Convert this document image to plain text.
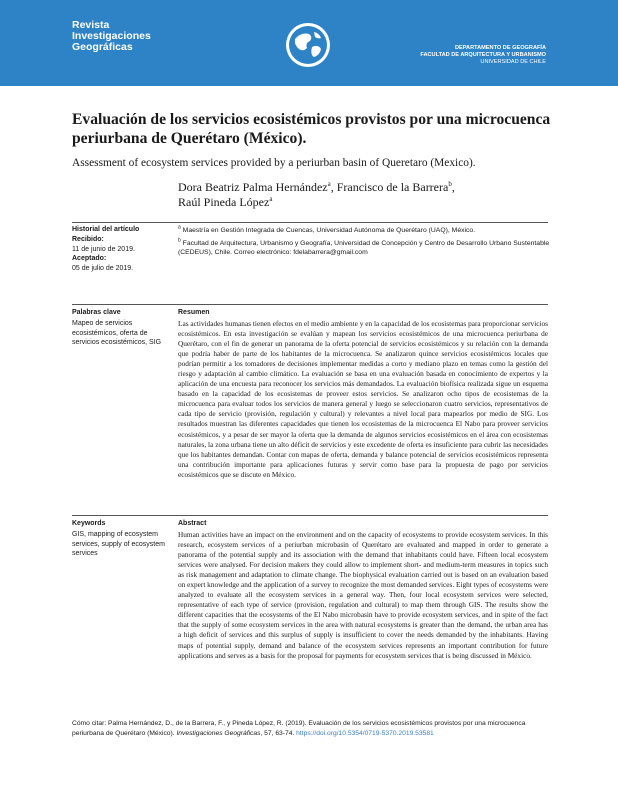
Revista
Investigaciones
Geográficas	DEPARTAMENTO DE GEOGRAFÍA
FACULTAD DE ARQUITECTURA Y URBANISMO
UNIVERSIDAD DE CHILE
Evaluación de los servicios ecosistémicos provistos por una microcuenca periurbana de Querétaro (México).
Assessment of ecosystem services provided by a periurban basin of Queretaro (Mexico).
Dora Beatriz Palma Hernández$^a$, Francisco de la Barrera$^b$,
Raúl Pineda López$^a$
Historial del artículo
Recibido:
11 de junio de 2019.
Aceptado:
05 de julio de 2019.
$^a$ Maestría en Gestión Integrada de Cuencas, Universidad Autónoma de Querétaro (UAQ), México.
$^b$ Facultad de Arquitectura, Urbanismo y Geografía, Universidad de Concepción y Centro de Desarrollo Urbano Sustentable (CEDEUS), Chile. Correo electrónico: fdelabarrera@gmail.com
Palabras clave
Mapeo de servicios ecosistémicos, oferta de servicios ecosistémicos, SIG
Resumen
Las actividades humanas tienen efectos en el medio ambiente y en la capacidad de los ecosistemas para proporcionar servicios ecosistémicos. En esta investigación se evalúan y mapean los servicios ecosistémicos de una microcuenca periurbana de Querétaro, con el fin de generar un panorama de la oferta potencial de servicios ecosistémicos y su relación con la demanda que podría haber de parte de los habitantes de la microcuenca. Se analizaron quince servicios ecosistémicos locales que podrían permitir a los tomadores de decisiones implementar medidas a corto y mediano plazo en temas como la gestión del riesgo y adaptación al cambio climático. La evaluación se basa en una evaluación basada en conocimiento de expertos y la aplicación de una encuesta para reconocer los servicios más demandados. La evaluación biofísica realizada sigue un esquema basado en la capacidad de los ecosistemas de proveer estos servicios. Se analizaron ocho tipos de ecosistemas de la microcuenca para evaluar todos los servicios de manera general y luego se seleccionaron cuatro servicios, representativos de cada tipo de servicio (provisión, regulación y cultural) y relevantes a nivel local para mapearlos por medio de SIG. Los resultados muestran las diferentes capacidades que tienen los ecosistemas de la microcuenca El Nabo para proveer servicios ecosistémicos, y a pesar de ser mayor la oferta que la demanda de algunos servicios ecosistémicos en el área con ecosistemas naturales, la zona urbana tiene un alto déficit de servicios y este excedente de oferta es insuficiente para cubrir las necesidades que los habitantes demandan. Contar con mapas de oferta, demanda y balance potencial de servicios ecosistémicos representa una contribución importante para aplicaciones futuras y servir como base para la propuesta de pago por servicios ecosistémicos que se discute en México.
Keywords
GIS, mapping of ecosystem services, supply of ecosystem services
Abstract
Human activities have an impact on the environment and on the capacity of ecosystems to provide ecosystem services. In this research, ecosystem services of a periurban microbasin of Querétaro are evaluated and mapped in order to generate a panorama of the potential supply and its association with the demand that inhabitants could have. Fifteen local ecosystem services were analysed. For decision makers they could allow to implement short- and medium-term measures in topics such as risk management and adaptation to climate change. The biophysical evaluation carried out is based on an evaluation based on expert knowledge and the application of a survey to recognize the most demanded services. Eight types of ecosystems were analyzed to evaluate all the ecosystem services in a general way. Then, four local ecosystem services were selected, representative of each type of service (provision, regulation and cultural) to map them through GIS. The results show the different capacities that the ecosystems of the El Nabo microbasin have to provide ecosystem services, and in spite of the fact that the supply of some ecosystem services in the area with natural ecosystems is greater than the demand, the urban area has a high deficit of services and this surplus of supply is insufficient to cover the needs demanded by the inhabitants. Having maps of potential supply, demand and balance of the ecosystem services represents an important contribution for future applications and serves as a basis for the proposal for payments for ecosystem services that is being discussed in México.
Cómo citar: Palma Hernández, D., de la Barrera, F., y Pineda López, R. (2019). Evaluación de los servicios ecosistémicos provistos por una microcuenca periurbana de Querétaro (México). Investigaciones Geográficas, 57, 63-74. https://doi.org/10.5354/0719-5370.2019.53581
